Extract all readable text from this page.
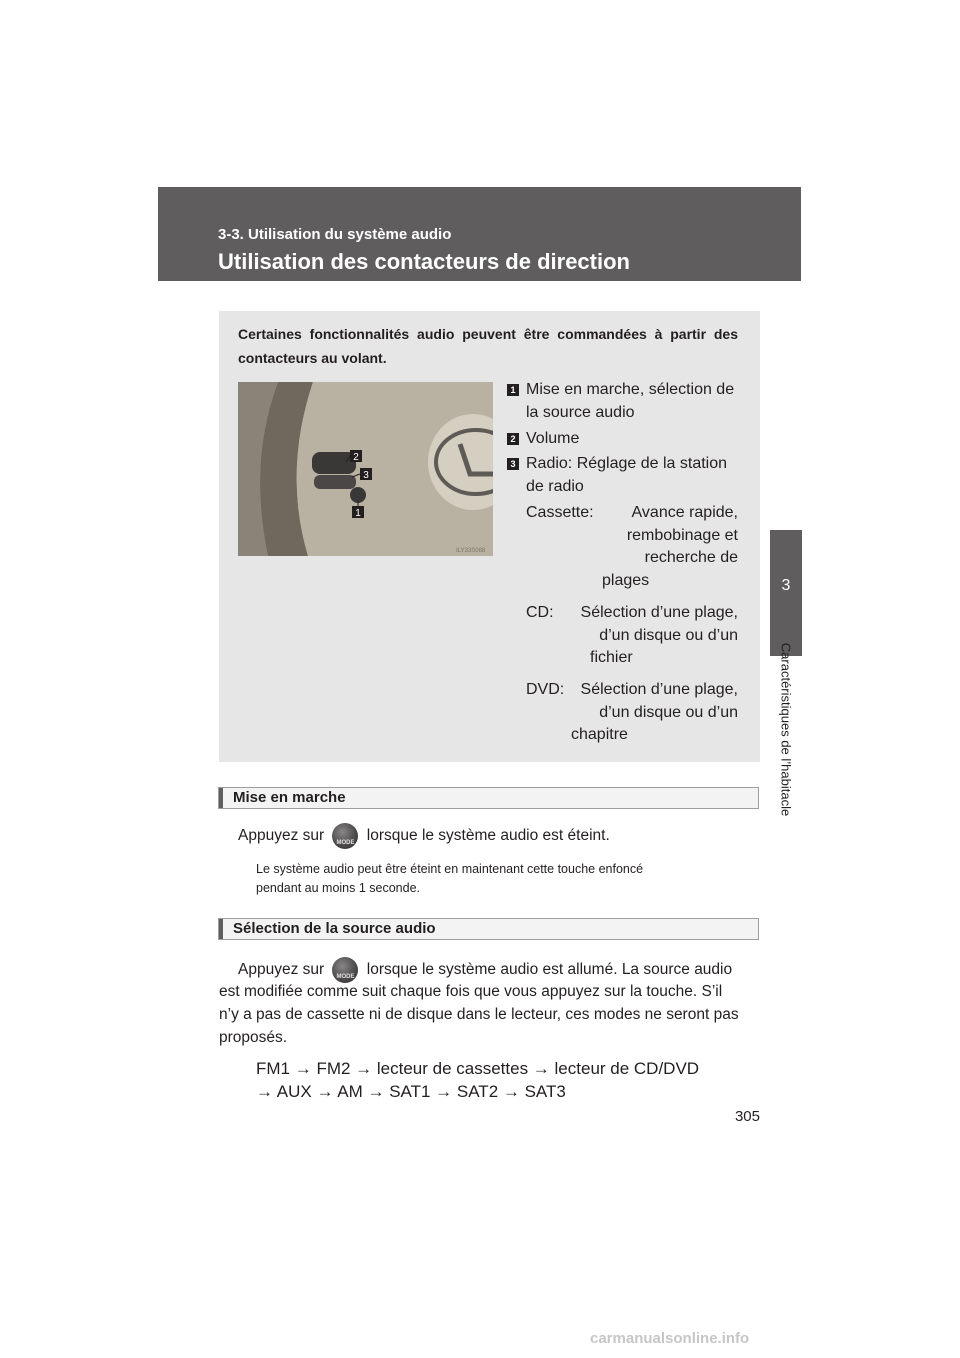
3-3. Utilisation du système audio
Utilisation des contacteurs de direction
3
Caractéristiques de l’habitacle
Certaines fonctionnalités audio peuvent être commandées à partir des contacteurs au volant.
2
3
1
ILY33S088
1 Mise en marche, sélection de
la source audio
2 Volume
3 Radio: Réglage de la station
de radio
Cassette:	Avance rapide,
rembobinage et
recherche de
plages
CD:	Sélection d’une plage,
d’un disque ou d’un
fichier
DVD:	Sélection d’une plage,
d’un disque ou d’un
chapitre
Mise en marche
Appuyez sur	MODE lorsque le système audio est éteint.
Le système audio peut être éteint en maintenant cette touche enfoncé
pendant au moins 1 seconde.
Sélection de la source audio
Appuyez sur	MODE lorsque le système audio est allumé. La source audio
est modifiée comme suit chaque fois que vous appuyez sur la touche. S’il
n’y a pas de cassette ni de disque dans le lecteur, ces modes ne seront pas
proposés.
FM1 → FM2 → lecteur de cassettes → lecteur de CD/DVD
→ AUX → AM → SAT1 → SAT2 → SAT3
305
carmanualsonline.info
